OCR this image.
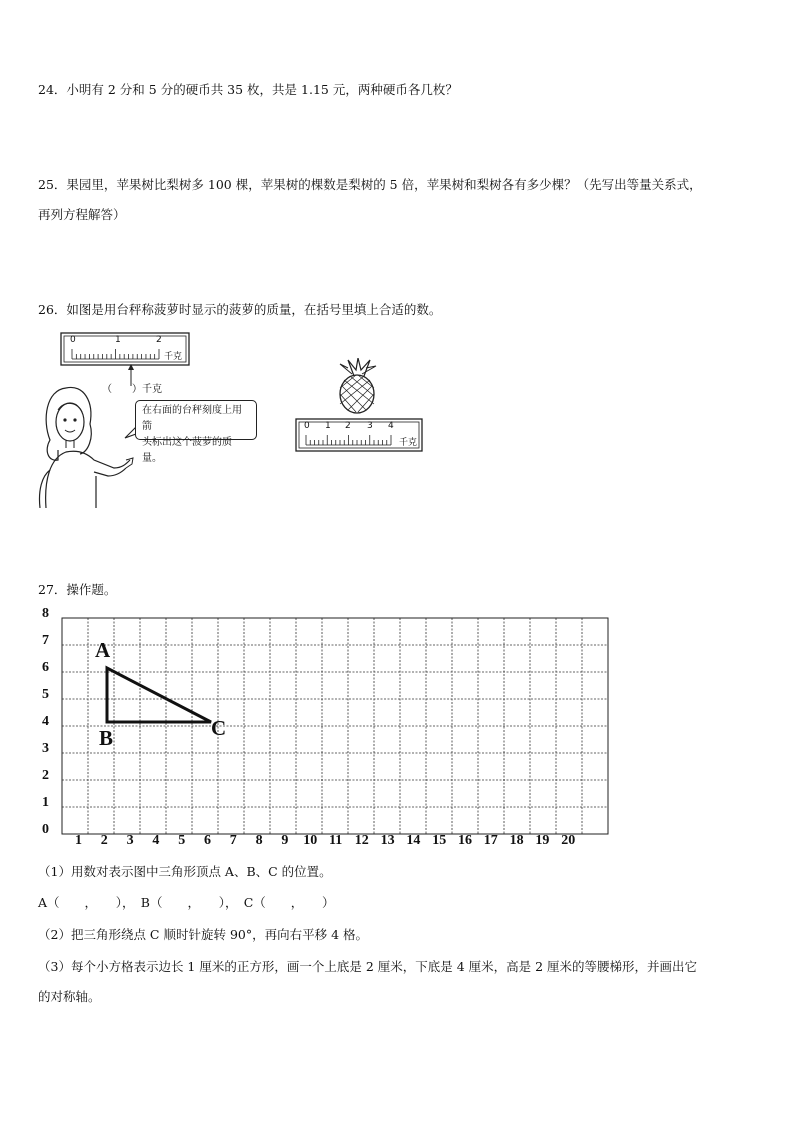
24．小明有 2 分和 5 分的硬币共 35 枚，共是 1.15 元，两种硬币各几枚？
25．果园里，苹果树比梨树多 100 棵，苹果树的棵数是梨树的 5 倍，苹果树和梨树各有多少棵？（先写出等量关系式，
再列方程解答）
26．如图是用台秤称菠萝时显示的菠萝的质量，在括号里填上合适的数。
0	1	2
千克
（　　）千克
在右面的台秤刻度上用箭
头标出这个菠萝的质量。
0 1 2 3 4
千克
27．操作题。
0
1
2
3
4
5
6
7
8
1 2 3 4 5 6 7 8 9 10 11 12 13 14 15 16 17 18 19 20
A
B	C
（1）用数对表示图中三角形顶点 A、B、C 的位置。
A（　　，　　），　B（　　，　　），　C（　　，　　）
（2）把三角形绕点 C 顺时针旋转 90°，再向右平移 4 格。
（3）每个小方格表示边长 1 厘米的正方形，画一个上底是 2 厘米，下底是 4 厘米，高是 2 厘米的等腰梯形，并画出它
的对称轴。
